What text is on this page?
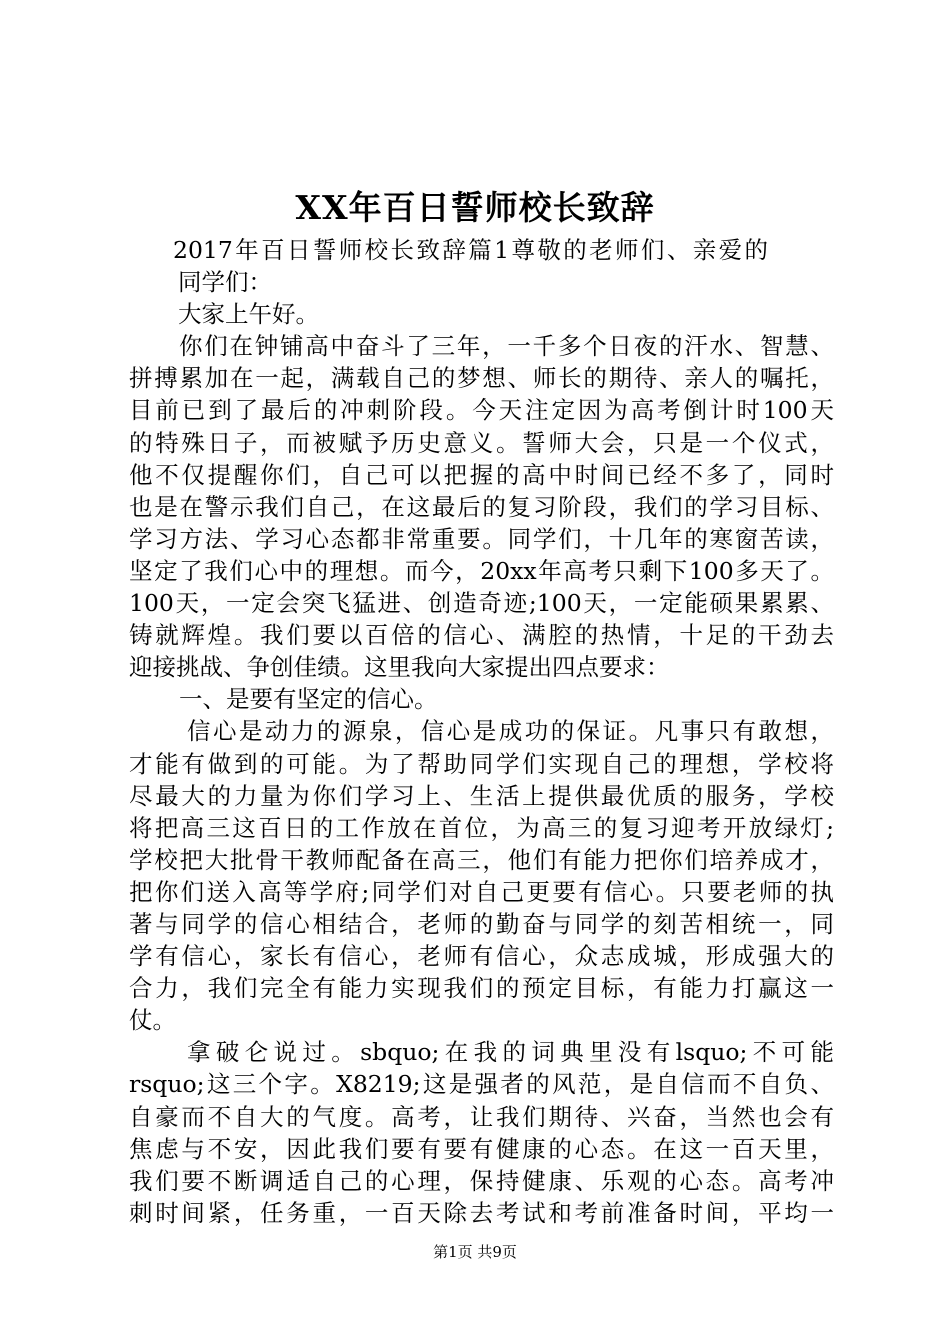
XX年百日誓师校长致辞
2017年百日誓师校长致辞篇1尊敬的老师们、亲爱的
同学们：
大家上午好。
你们在钟铺高中奋斗了三年，一千多个日夜的汗水、智慧、
拼搏累加在一起，满载自己的梦想、师长的期待、亲人的嘱托，
目前已到了最后的冲刺阶段。今天注定因为高考倒计时100天
的特殊日子，而被赋予历史意义。誓师大会，只是一个仪式，
他不仅提醒你们，自己可以把握的高中时间已经不多了，同时
也是在警示我们自己，在这最后的复习阶段，我们的学习目标、
学习方法、学习心态都非常重要。同学们，十几年的寒窗苦读，
坚定了我们心中的理想。而今，20xx年高考只剩下100多天了。
100天，一定会突飞猛进、创造奇迹;100天，一定能硕果累累、
铸就辉煌。我们要以百倍的信心、满腔的热情，十足的干劲去
迎接挑战、争创佳绩。这里我向大家提出四点要求：
一、是要有坚定的信心。
信心是动力的源泉，信心是成功的保证。凡事只有敢想，
才能有做到的可能。为了帮助同学们实现自己的理想，学校将
尽最大的力量为你们学习上、生活上提供最优质的服务，学校
将把高三这百日的工作放在首位，为高三的复习迎考开放绿灯;
学校把大批骨干教师配备在高三，他们有能力把你们培养成才，
把你们送入高等学府;同学们对自己更要有信心。只要老师的执
著与同学的信心相结合，老师的勤奋与同学的刻苦相统一，同
学有信心，家长有信心，老师有信心，众志成城，形成强大的
合力，我们完全有能力实现我们的预定目标，有能力打赢这一
仗。
拿破仑说过。sbquo;在我的词典里没有lsquo;不可能
rsquo;这三个字。X8219;这是强者的风范，是自信而不自负、
自豪而不自大的气度。高考，让我们期待、兴奋，当然也会有
焦虑与不安，因此我们要有要有健康的心态。在这一百天里，
我们要不断调适自己的心理，保持健康、乐观的心态。高考冲
刺时间紧，任务重，一百天除去考试和考前准备时间，平均一

第1页 共9页
